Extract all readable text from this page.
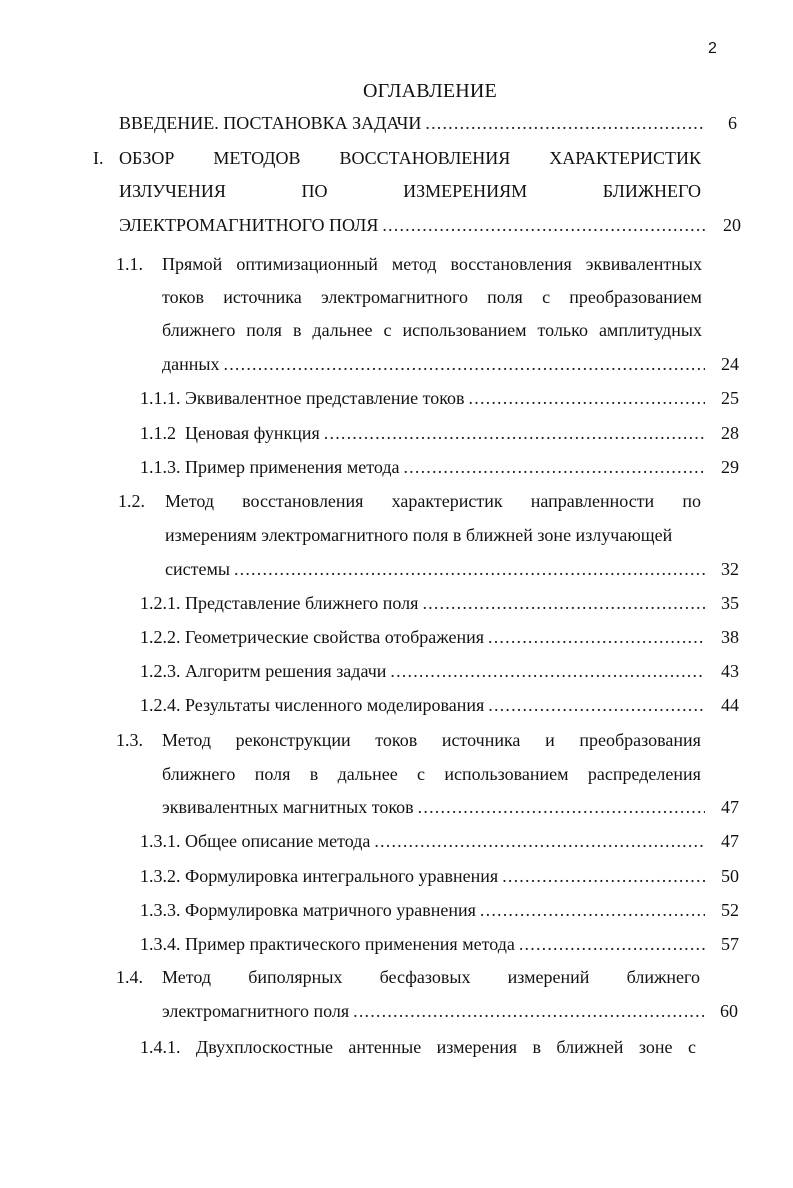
2
ОГЛАВЛЕНИЕ
ВВЕДЕНИЕ. ПОСТАНОВКА ЗАДАЧИ .....	6
I. ОБЗОР МЕТОДОВ ВОССТАНОВЛЕНИЯ ХАРАКТЕРИСТИК
ИЗЛУЧЕНИЯ	ПО	ИЗМЕРЕНИЯМ	БЛИЖНЕГО
ЭЛЕКТРОМАГНИТНОГО ПОЛЯ .....	20
1.1. Прямой оптимизационный метод восстановления эквивалентных
токов источника электромагнитного поля с преобразованием
ближнего поля в дальнее с использованием только амплитудных
данных .....	24
1.1.1. Эквивалентное представление токов .....	25
1.1.2  Ценовая функция .....	28
1.1.3. Пример применения метода .....	29
1.2. Метод восстановления характеристик направленности по
измерениям электромагнитного поля в ближней зоне излучающей
системы .....	32
1.2.1. Представление ближнего поля .....	35
1.2.2. Геометрические свойства отображения .....	38
1.2.3. Алгоритм решения задачи .....	43
1.2.4. Результаты численного моделирования .....	44
1.3. Метод реконструкции токов источника и преобразования
ближнего поля в дальнее с использованием распределения
эквивалентных магнитных токов .....	47
1.3.1. Общее описание метода .....	47
1.3.2. Формулировка интегрального уравнения .....	50
1.3.3. Формулировка матричного уравнения .....	52
1.3.4. Пример практического применения метода .....	57
1.4. Метод биполярных бесфазовых измерений ближнего
электромагнитного поля .....	60
1.4.1. Двухплоскостные антенные измерения в ближней зоне с
